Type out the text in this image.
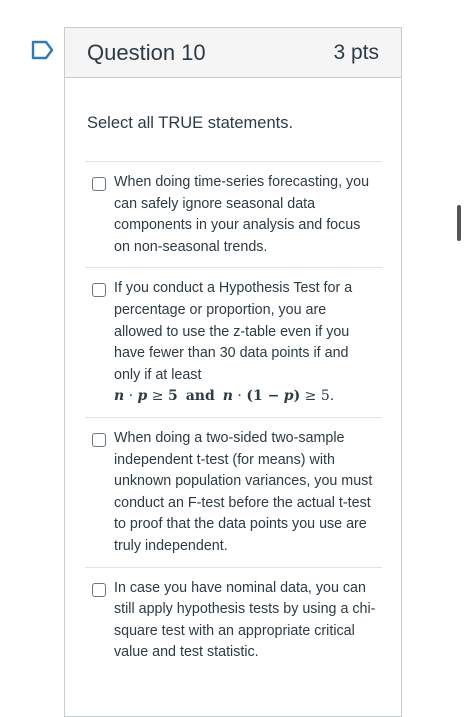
Question 10	3 pts
Select all TRUE statements.
When doing time-series forecasting, you can safely ignore seasonal data components in your analysis and focus on non-seasonal trends.
If you conduct a Hypothesis Test for a percentage or proportion, you are allowed to use the z-table even if you have fewer than 30 data points if and only if at least
n · p ≥ 5 and n · (1 − p) ≥ 5.
When doing a two-sided two-sample independent t-test (for means) with unknown population variances, you must conduct an F-test before the actual t-test to proof that the data points you use are truly independent.
In case you have nominal data, you can still apply hypothesis tests by using a chi-square test with an appropriate critical value and test statistic.
